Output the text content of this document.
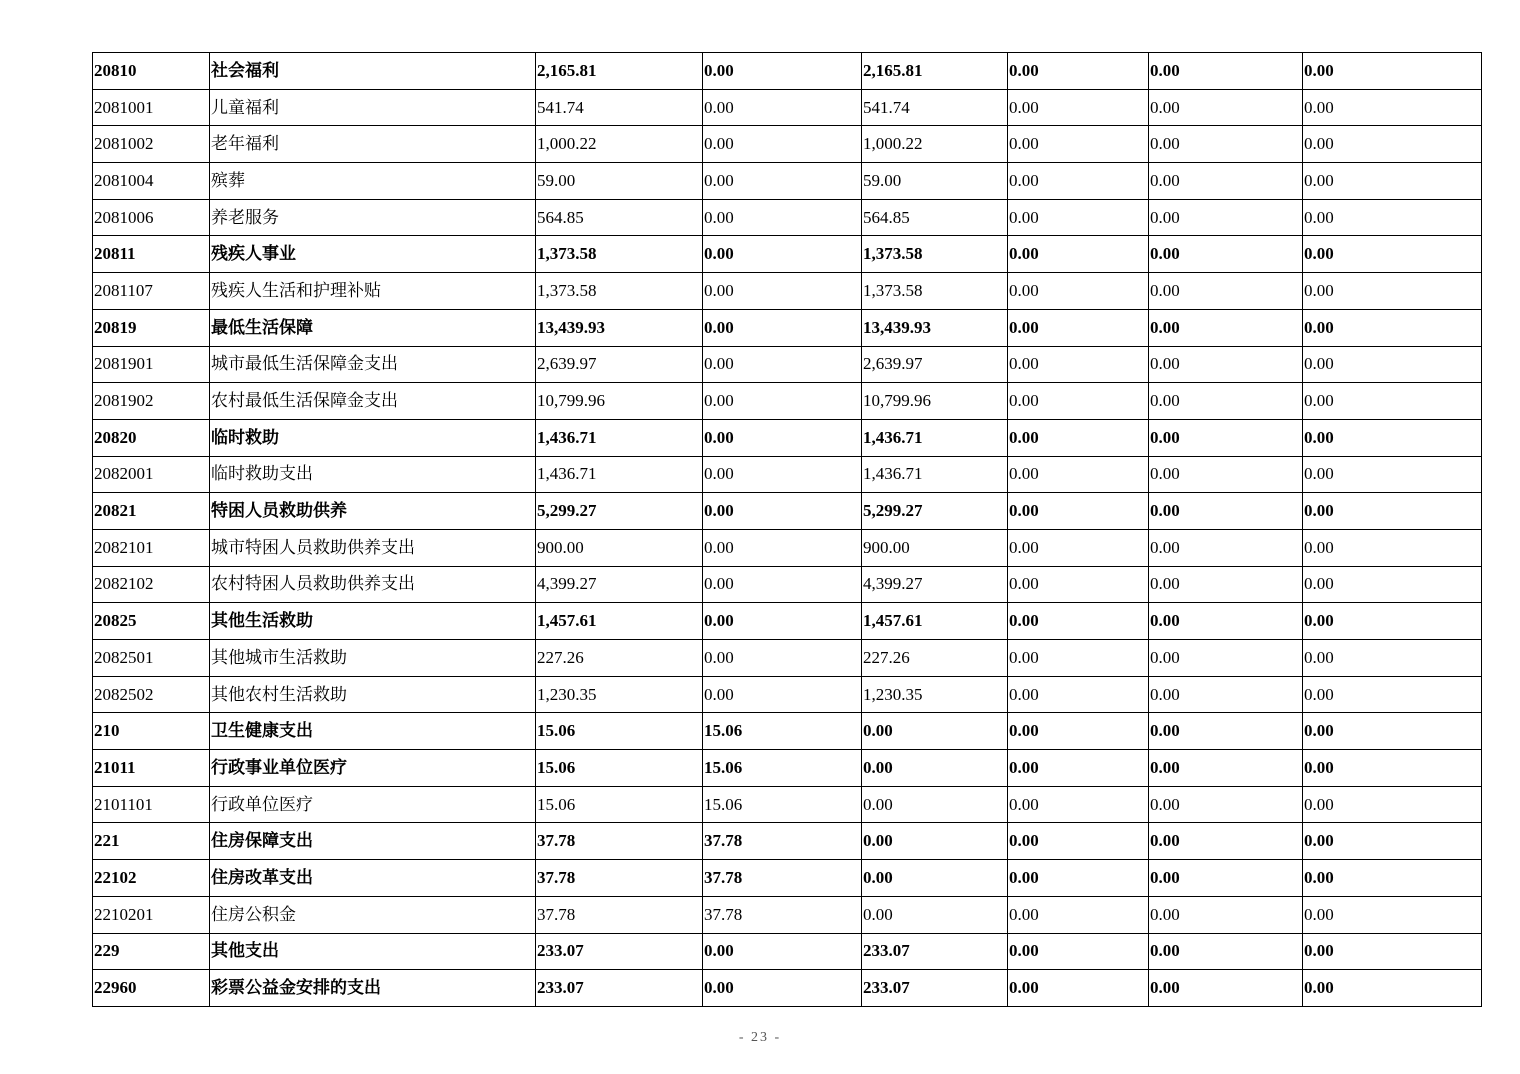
20810	社会福利	2,165.81	0.00	2,165.81	0.00	0.00	0.00
2081001	儿童福利	541.74	0.00	541.74	0.00	0.00	0.00
2081002	老年福利	1,000.22	0.00	1,000.22	0.00	0.00	0.00
2081004	殡葬	59.00	0.00	59.00	0.00	0.00	0.00
2081006	养老服务	564.85	0.00	564.85	0.00	0.00	0.00
20811	残疾人事业	1,373.58	0.00	1,373.58	0.00	0.00	0.00
2081107	残疾人生活和护理补贴	1,373.58	0.00	1,373.58	0.00	0.00	0.00
20819	最低生活保障	13,439.93	0.00	13,439.93	0.00	0.00	0.00
2081901	城市最低生活保障金支出	2,639.97	0.00	2,639.97	0.00	0.00	0.00
2081902	农村最低生活保障金支出	10,799.96	0.00	10,799.96	0.00	0.00	0.00
20820	临时救助	1,436.71	0.00	1,436.71	0.00	0.00	0.00
2082001	临时救助支出	1,436.71	0.00	1,436.71	0.00	0.00	0.00
20821	特困人员救助供养	5,299.27	0.00	5,299.27	0.00	0.00	0.00
2082101	城市特困人员救助供养支出	900.00	0.00	900.00	0.00	0.00	0.00
2082102	农村特困人员救助供养支出	4,399.27	0.00	4,399.27	0.00	0.00	0.00
20825	其他生活救助	1,457.61	0.00	1,457.61	0.00	0.00	0.00
2082501	其他城市生活救助	227.26	0.00	227.26	0.00	0.00	0.00
2082502	其他农村生活救助	1,230.35	0.00	1,230.35	0.00	0.00	0.00
210	卫生健康支出	15.06	15.06	0.00	0.00	0.00	0.00
21011	行政事业单位医疗	15.06	15.06	0.00	0.00	0.00	0.00
2101101	行政单位医疗	15.06	15.06	0.00	0.00	0.00	0.00
221	住房保障支出	37.78	37.78	0.00	0.00	0.00	0.00
22102	住房改革支出	37.78	37.78	0.00	0.00	0.00	0.00
2210201	住房公积金	37.78	37.78	0.00	0.00	0.00	0.00
229	其他支出	233.07	0.00	233.07	0.00	0.00	0.00
22960	彩票公益金安排的支出	233.07	0.00	233.07	0.00	0.00	0.00
- 23 -
